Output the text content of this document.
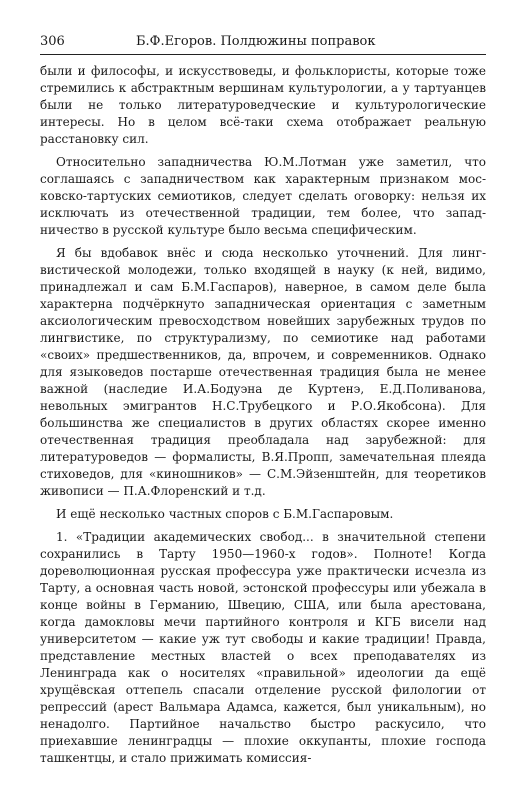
306	Б.Ф.Егоров. Полдюжины поправок

были и философы, и искусствоведы, и фольклористы, которые тоже стремились к абстрактным вершинам культурологии, а у тартуанцев были не только литературоведческие и культурологические интересы. Но в целом всё-таки схема отображает реальную расстановку сил.

Относительно западничества Ю.М.Лотман уже заметил, что соглашаясь с западничеством как характерным признаком московско-тартуских семиотиков, следует сделать оговорку: нельзя их исключать из отечественной традиции, тем более, что западничество в русской культуре было весьма специфическим.

Я бы вдобавок внёс и сюда несколько уточнений. Для лингвистической молодежи, только входящей в науку (к ней, видимо, принадлежал и сам Б.М.Гаспаров), наверное, в самом деле была характерна подчёркнуто западническая ориентация с заметным аксиологическим превосходством новейших зарубежных трудов по лингвистике, по структурализму, по семиотике над работами «своих» предшественников, да, впрочем, и современников. Однако для языковедов постарше отечественная традиция была не менее важной (наследие И.А.Бодуэна де Куртенэ, Е.Д.Поливанова, невольных эмигрантов Н.С.Трубецкого и Р.О.Якобсона). Для большинства же специалистов в других областях скорее именно отечественная традиция преобладала над зарубежной: для литературоведов — формалисты, В.Я.Пропп, замечательная плеяда стиховедов, для «киношников» — С.М.Эйзенштейн, для теоретиков живописи — П.А.Флоренский и т.д.

И ещё несколько частных споров с Б.М.Гаспаровым.

1. «Традиции академических свобод... в значительной степени сохранились в Тарту 1950—1960-х годов». Полноте! Когда дореволюционная русская профессура уже практически исчезла из Тарту, а основная часть новой, эстонской профессуры или убежала в конце войны в Германию, Швецию, США, или была арестована, когда дамокловы мечи партийного контроля и КГБ висели над университетом — какие уж тут свободы и какие традиции! Правда, представление местных властей о всех преподавателях из Ленинграда как о носителях «правильной» идеологии да ещё хрущёвская оттепель спасали отделение русской филологии от репрессий (арест Вальмара Адамса, кажется, был уникальным), но ненадолго. Партийное начальство быстро раскусило, что приехавшие ленинградцы — плохие оккупанты, плохие господа ташкентцы, и стало прижимать комиссия-
